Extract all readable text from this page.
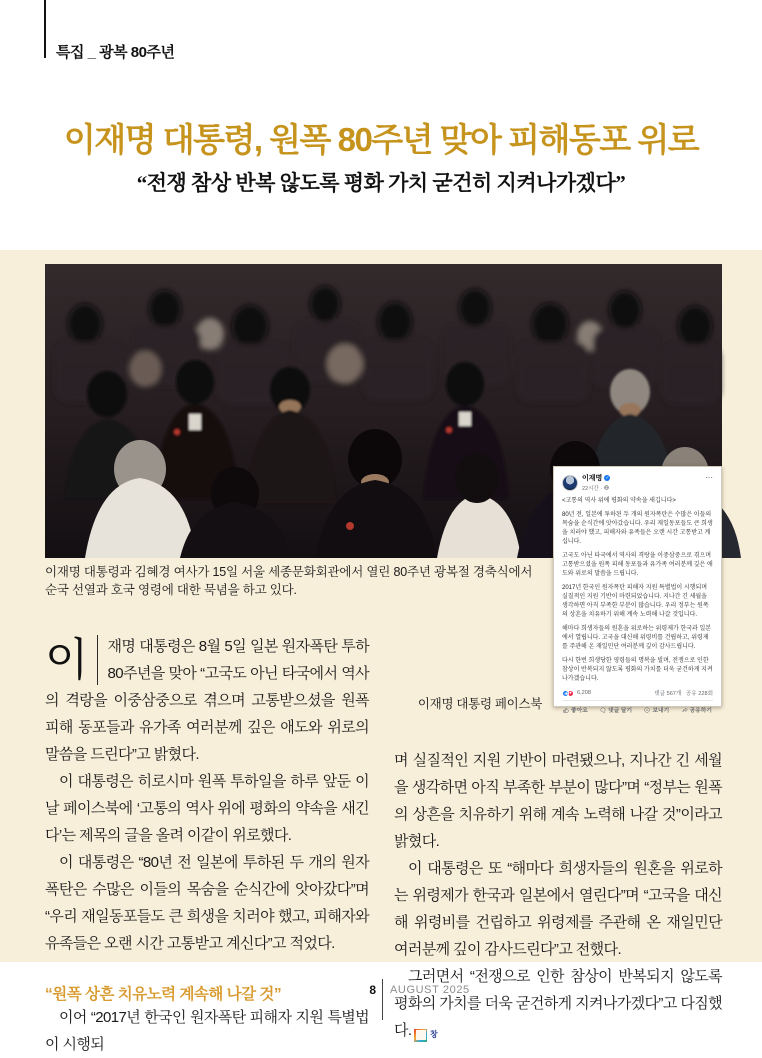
특집 _ 광복 80주년
이재명 대통령, 원폭 80주년 맞아 피해동포 위로
“전쟁 참상 반복 않도록 평화 가치 굳건히 지켜나가겠다”
이재명 대통령과 김혜경 여사가 15일 서울 세종문화회관에서 열린 80주년 광복절 경축식에서
순국 선열과 호국 영령에 대한 묵념을 하고 있다.
이재명 ✓
22시간 ·
⋯

<고통의 역사 위에 평화의 약속을 새깁니다>

80년 전, 일본에 투하된 두 개의 원자폭탄은 수많은 이들의 목숨을 순식간에 앗아갔습니다. 우리 재일동포들도 큰 희생을 치러야 했고, 피해자와 유족들은 오랜 시간 고통받고 계십니다.

고국도 아닌 타국에서 역사의 격랑을 이중삼중으로 겪으며 고통받으셨을 원폭 피해 동포들과 유가족 여러분께 깊은 애도와 위로의 말씀을 드립니다.

2017년 한국인 원자폭탄 피해자 지원 특별법이 시행되며 실질적인 지원 기반이 마련되었습니다. 지나간 긴 세월을 생각하면 아직 부족한 부분이 많습니다. 우리 정부는 원폭의 상흔을 치유하기 위해 계속 노력해 나갈 것입니다.

해마다 희생자들의 원혼을 위로하는 위령제가 한국과 일본에서 열립니다. 고국을 대신해 위령비를 건립하고, 위령제를 주관해 온 재일민단 여러분께 깊이 감사드립니다.

다시 한번 희생당한 영령들의 명복을 빌며, 전쟁으로 인한 참상이 반복되지 않도록 평화의 가치를 더욱 굳건하게 지켜나가겠습니다.

♥ 6,208	댓글 567개 공유 228회
좋아요	댓글 달기	보내기	공유하기
이재명 대통령 페이스북
이	재명 대통령은 8월 5일 일본 원자폭탄 투하 80주년을 맞아 “고국도 아닌 타국에서 역사의 격랑을 이중삼중으로 겪으며 고통받으셨을 원폭 피해 동포들과 유가족 여러분께 깊은 애도와 위로의 말씀을 드린다”고 밝혔다.

이 대통령은 히로시마 원폭 투하일을 하루 앞둔 이날 페이스북에 ‘고통의 역사 위에 평화의 약속을 새긴다’는 제목의 글을 올려 이같이 위로했다.

이 대통령은 “80년 전 일본에 투하된 두 개의 원자폭탄은 수많은 이들의 목숨을 순식간에 앗아갔다”며 “우리 재일동포들도 큰 희생을 치러야 했고, 피해자와 유족들은 오랜 시간 고통받고 계신다”고 적었다.

“원폭 상흔 치유노력 계속해 나갈 것”

이어 “2017년 한국인 원자폭탄 피해자 지원 특별법이 시행되

며 실질적인 지원 기반이 마련됐으나, 지나간 긴 세월을 생각하면 아직 부족한 부분이 많다”며 “정부는 원폭의 상흔을 치유하기 위해 계속 노력해 나갈 것”이라고 밝혔다.

이 대통령은 또 “해마다 희생자들의 원혼을 위로하는 위령제가 한국과 일본에서 열린다”며 “고국을 대신해 위령비를 건립하고 위령제를 주관해 온 재일민단 여러분께 깊이 감사드린다”고 전했다.

그러면서 “전쟁으로 인한 참상이 반복되지 않도록 평화의 가치를 더욱 굳건하게 지켜나가겠다”고 다짐했다.	창

8 AUGUST 2025
